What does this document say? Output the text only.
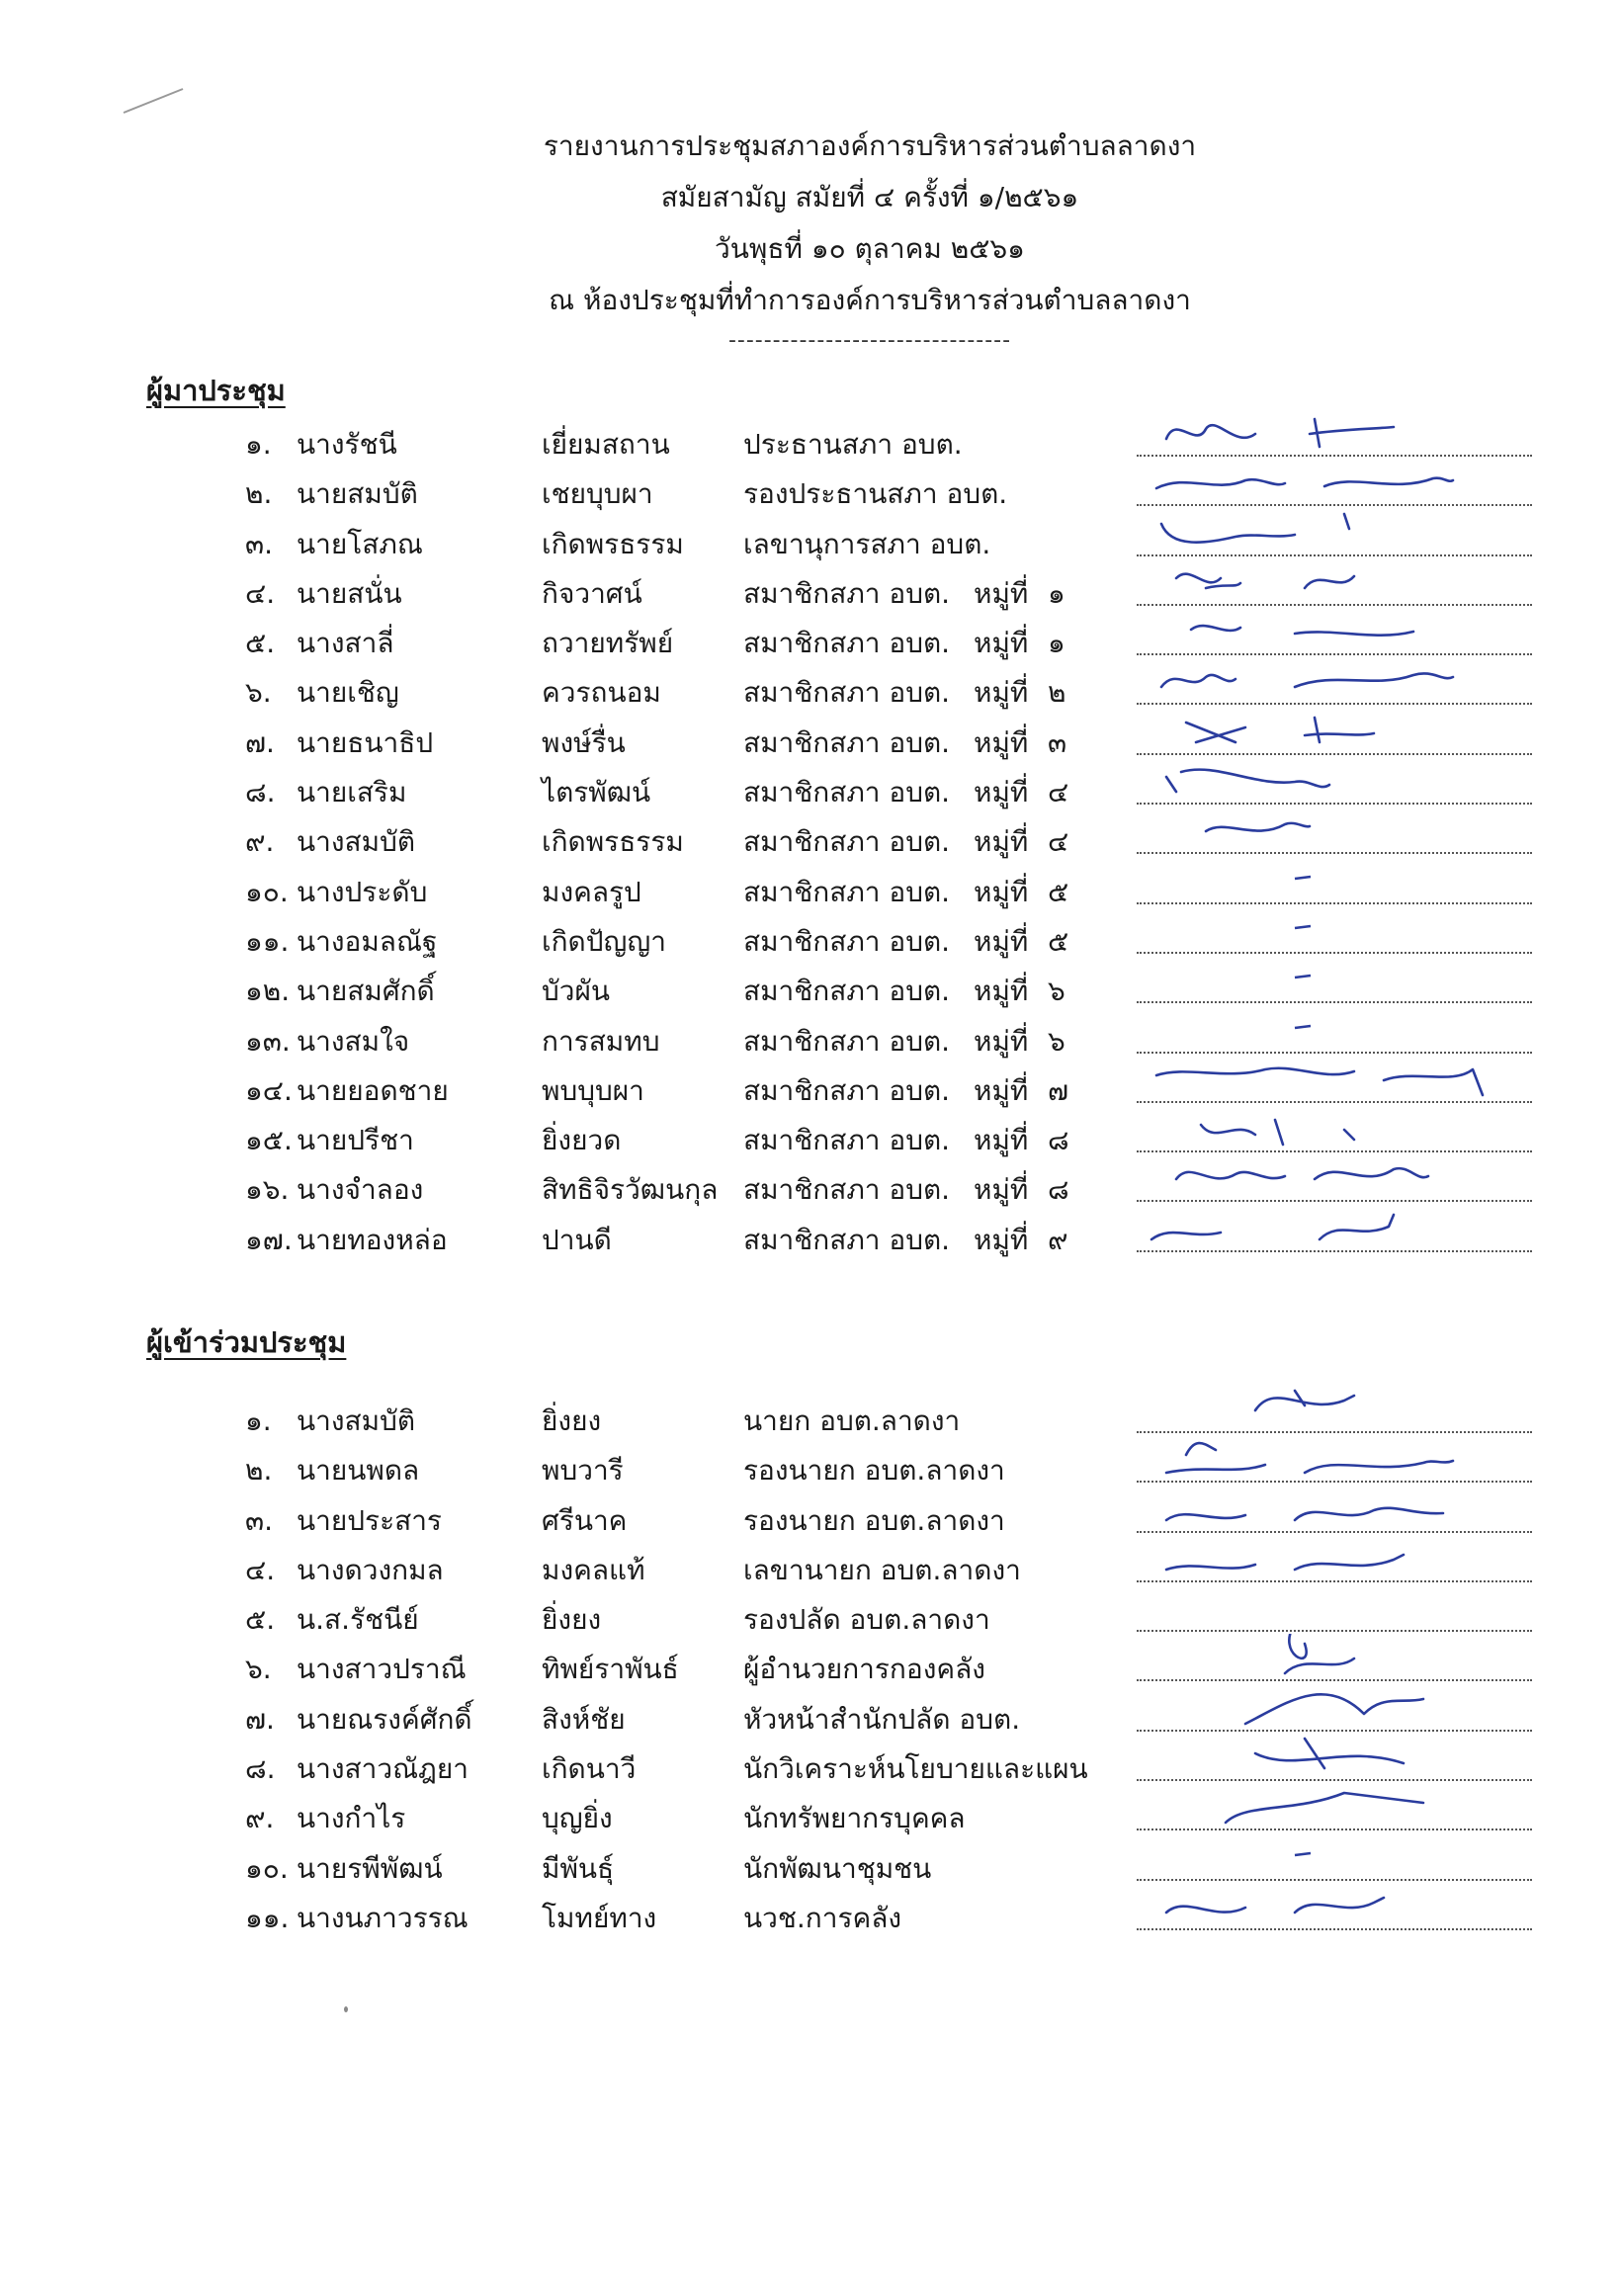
รายงานการประชุมสภาองค์การบริหารส่วนตำบลลาดงา
สมัยสามัญ สมัยที่ ๔ ครั้งที่ ๑/๒๕๖๑
วันพุธที่ ๑๐ ตุลาคม ๒๕๖๑
ณ ห้องประชุมที่ทำการองค์การบริหารส่วนตำบลลาดงา
--------------------------------
ผู้มาประชุม
๑. นางรัชนี	เยี่ยมสถาน	ประธานสภา อบต.
๒. นายสมบัติ	เชยบุบผา	รองประธานสภา อบต.
๓. นายโสภณ	เกิดพรธรรม เลขานุการสภา อบต.
๔. นายสนั่น	กิจวาศน์	สมาชิกสภา อบต. หมู่ที่ ๑
๕. นางสาลี่	ถวายทรัพย์	สมาชิกสภา อบต. หมู่ที่ ๑
๖. นายเชิญ	ควรถนอม	สมาชิกสภา อบต. หมู่ที่ ๒
๗. นายธนาธิป	พงษ์รื่น	สมาชิกสภา อบต. หมู่ที่ ๓
๘. นายเสริม	ไตรพัฒน์	สมาชิกสภา อบต. หมู่ที่ ๔
๙. นางสมบัติ	เกิดพรธรรม สมาชิกสภา อบต. หมู่ที่ ๔
๑๐. นางประดับ	มงคลรูป	สมาชิกสภา อบต. หมู่ที่ ๕
๑๑. นางอมลณัฐ	เกิดปัญญา	สมาชิกสภา อบต. หมู่ที่ ๕
๑๒. นายสมศักดิ์	บัวผัน	สมาชิกสภา อบต. หมู่ที่ ๖
๑๓. นางสมใจ	การสมทบ	สมาชิกสภา อบต. หมู่ที่ ๖
๑๔. นายยอดชาย	พบบุบผา	สมาชิกสภา อบต. หมู่ที่ ๗
๑๕. นายปรีชา	ยิ่งยวด	สมาชิกสภา อบต. หมู่ที่ ๘
๑๖. นางจำลอง	สิทธิจิรวัฒนกุล สมาชิกสภา อบต. หมู่ที่ ๘
๑๗. นายทองหล่อ	ปานดี	สมาชิกสภา อบต. หมู่ที่ ๙
ผู้เข้าร่วมประชุม
๑. นางสมบัติ	ยิ่งยง	นายก อบต.ลาดงา
๒. นายนพดล	พบวารี	รองนายก อบต.ลาดงา
๓. นายประสาร	ศรีนาค	รองนายก อบต.ลาดงา
๔. นางดวงกมล	มงคลแท้	เลขานายก อบต.ลาดงา
๕. น.ส.รัชนีย์	ยิ่งยง	รองปลัด อบต.ลาดงา
๖. นางสาวปราณี	ทิพย์ราพันธ์ ผู้อำนวยการกองคลัง
๗. นายณรงค์ศักดิ์	สิงห์ชัย	หัวหน้าสำนักปลัด อบต.
๘. นางสาวณัฎยา	เกิดนาวี	นักวิเคราะห์นโยบายและแผน
๙. นางกำไร	บุญยิ่ง	นักทรัพยากรบุคคล
๑๐. นายรพีพัฒน์	มีพันธุ์	นักพัฒนาชุมชน
๑๑. นางนภาวรรณ	โมทย์ทาง	นวช.การคลัง
